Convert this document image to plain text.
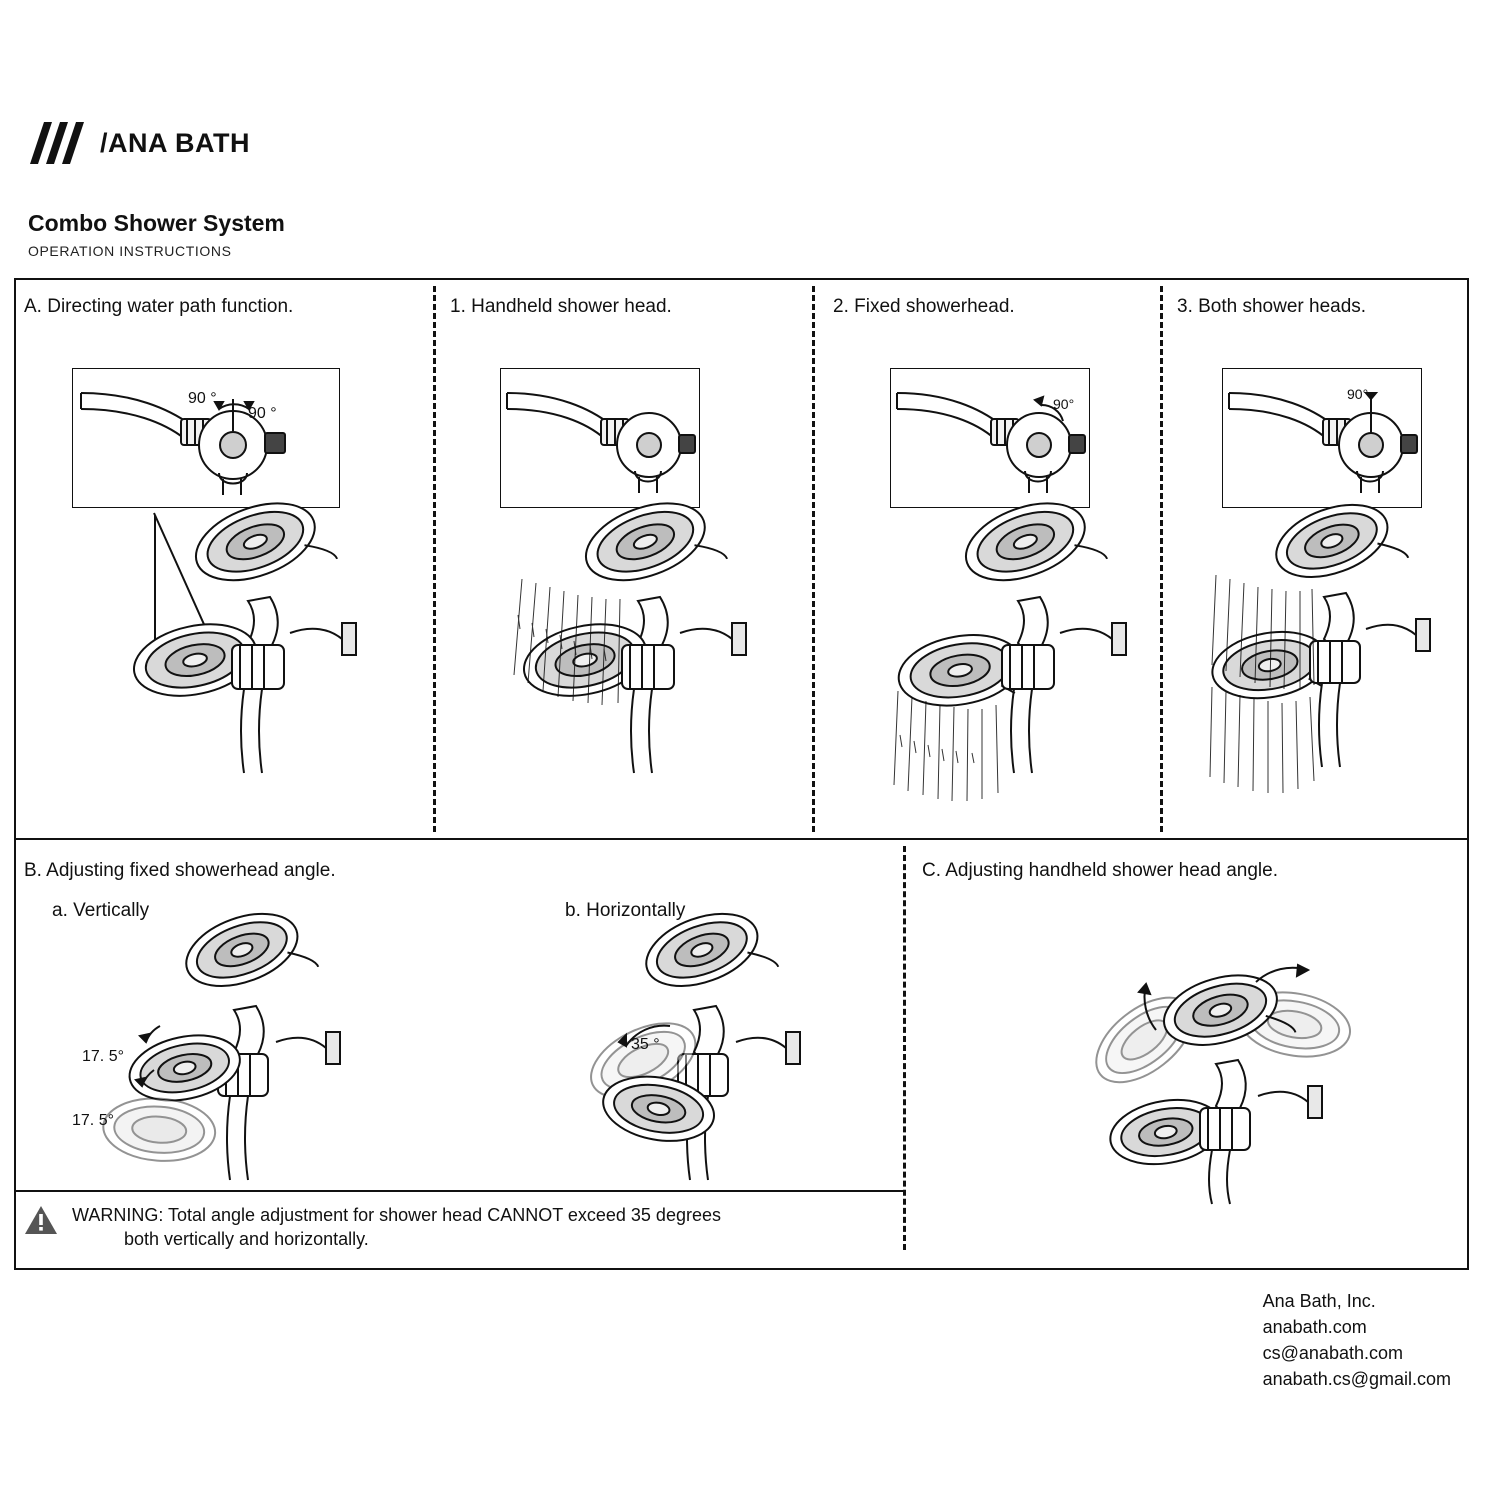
/ANA BATH
Combo Shower System
OPERATION INSTRUCTIONS
A. Directing water path function.	1. Handheld shower head.	2. Fixed showerhead.	3. Both shower heads.
B. Adjusting fixed showerhead angle.	C. Adjusting handheld shower head angle.
a. Vertically	b. Horizontally
90 °
90 °
90°
90°
17. 5°
17. 5°
35 °
WARNING: Total angle adjustment for shower head CANNOT exceed 35 degrees
both vertically and horizontally.
Ana Bath, Inc.
anabath.com
cs@anabath.com
anabath.cs@gmail.com
